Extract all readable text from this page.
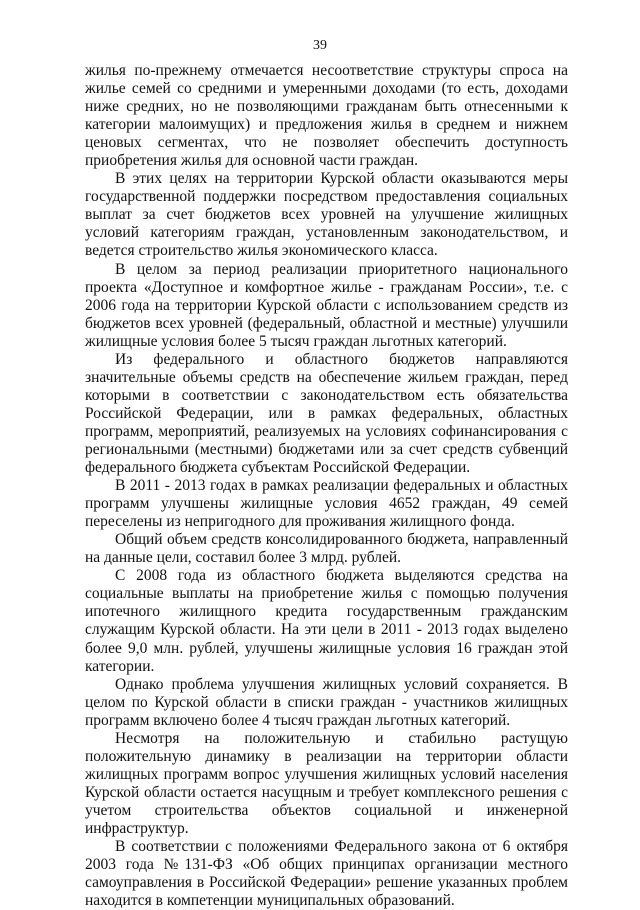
39

жилья по‑прежнему отмечается несоответствие структуры спроса на жилье семей со средними и умеренными доходами (то есть, доходами ниже средних, но не позволяющими гражданам быть отнесенными к категории малоимущих) и предложения жилья в среднем и нижнем ценовых сегментах, что не позволяет обеспечить доступность приобретения жилья для основной части граждан.

В этих целях на территории Курской области оказываются меры государственной поддержки посредством предоставления социальных выплат за счет бюджетов всех уровней на улучшение жилищных условий категориям граждан, установленным законодательством, и ведется строительство жилья экономического класса.

В целом за период реализации приоритетного национального проекта «Доступное и комфортное жилье ‑ гражданам России», т.е. с 2006 года на территории Курской области с использованием средств из бюджетов всех уровней (федеральный, областной и местные) улучшили жилищные условия более 5 тысяч граждан льготных категорий.

Из федерального и областного бюджетов направляются значительные объемы средств на обеспечение жильем граждан, перед которыми в соответствии с законодательством есть обязательства Российской Федерации, или в рамках федеральных, областных программ, мероприятий, реализуемых на условиях софинансирования с региональными (местными) бюджетами или за счет средств субвенций федерального бюджета субъектам Российской Федерации.

В 2011 ‑ 2013 годах в рамках реализации федеральных и областных программ улучшены жилищные условия 4652 граждан, 49 семей переселены из непригодного для проживания жилищного фонда.

Общий объем средств консолидированного бюджета, направленный на данные цели, составил более 3 млрд. рублей.

С 2008 года из областного бюджета выделяются средства на социальные выплаты на приобретение жилья с помощью получения ипотечного жилищного кредита государственным гражданским служащим Курской области. На эти цели в 2011 ‑ 2013 годах выделено более 9,0 млн. рублей, улучшены жилищные условия 16 граждан этой категории.

Однако проблема улучшения жилищных условий сохраняется. В целом по Курской области в списки граждан ‑ участников жилищных программ включено более 4 тысяч граждан льготных категорий.

Несмотря на положительную и стабильно растущую положительную динамику в реализации на территории области жилищных программ вопрос улучшения жилищных условий населения Курской области остается насущным и требует комплексного решения с учетом строительства объектов социальной и инженерной инфраструктур.

В соответствии с положениями Федерального закона от 6 октября 2003 года №131‑ФЗ «Об общих принципах организации местного самоуправления в Российской Федерации» решение указанных проблем находится в компетенции муниципальных образований.
